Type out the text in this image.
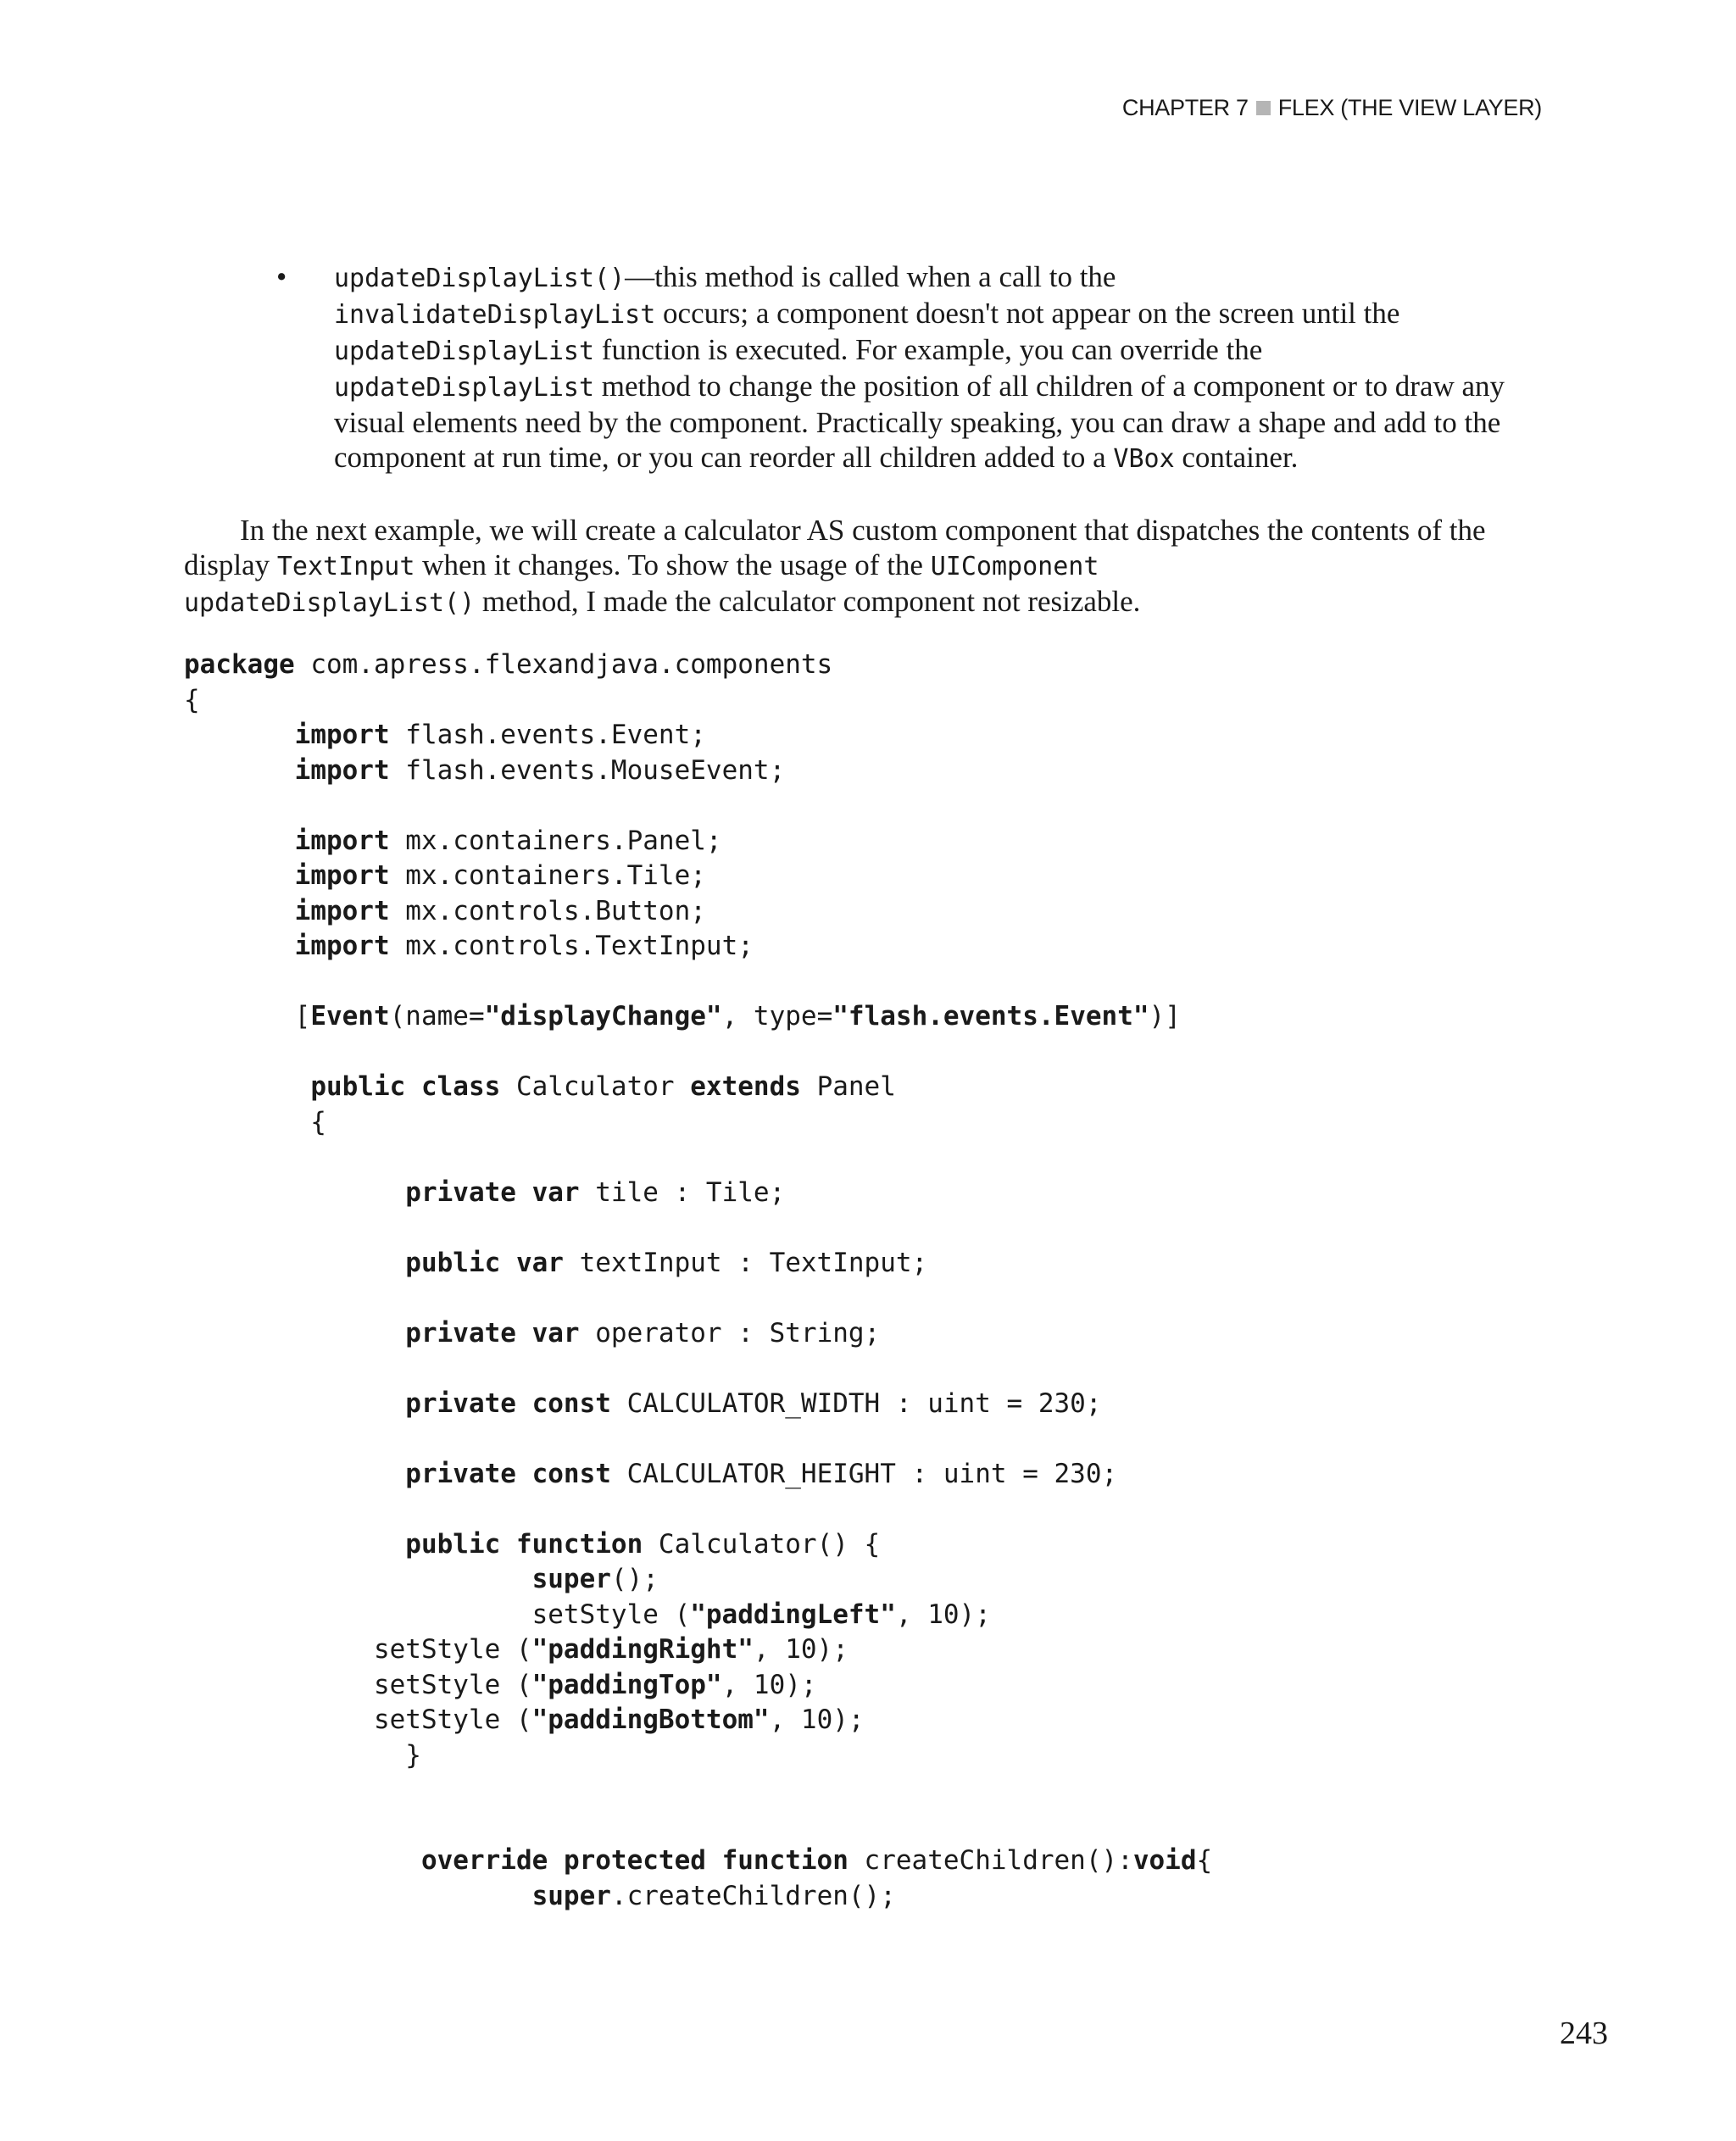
CHAPTER 7 FLEX (THE VIEW LAYER)
• updateDisplayList()—this method is called when a call to the
invalidateDisplayList occurs; a component doesn't not appear on the screen until the updateDisplayList function is executed. For example, you can override the updateDisplayList method to change the position of all children of a component or to draw any visual elements need by the component. Practically speaking, you can draw a shape and add to the component at run time, or you can reorder all children added to a VBox container.

In the next example, we will create a calculator AS custom component that dispatches the contents of the display TextInput when it changes. To show the usage of the UIComponent
updateDisplayList() method, I made the calculator component not resizable.

package com.apress.flexandjava.components
{
import flash.events.Event;
import flash.events.MouseEvent;
import mx.containers.Panel;
import mx.containers.Tile;
import mx.controls.Button;
import mx.controls.TextInput;
[Event(name="displayChange", type="flash.events.Event")]
public class Calculator extends Panel
{
private var tile : Tile;
public var textInput : TextInput;
private var operator : String;
private const CALCULATOR_WIDTH : uint = 230;
private const CALCULATOR_HEIGHT : uint = 230;
public function Calculator() {
super();
setStyle ("paddingLeft", 10);
setStyle ("paddingRight", 10);
setStyle ("paddingTop", 10);
setStyle ("paddingBottom", 10);
}
override protected function createChildren():void{
super.createChildren();
243
